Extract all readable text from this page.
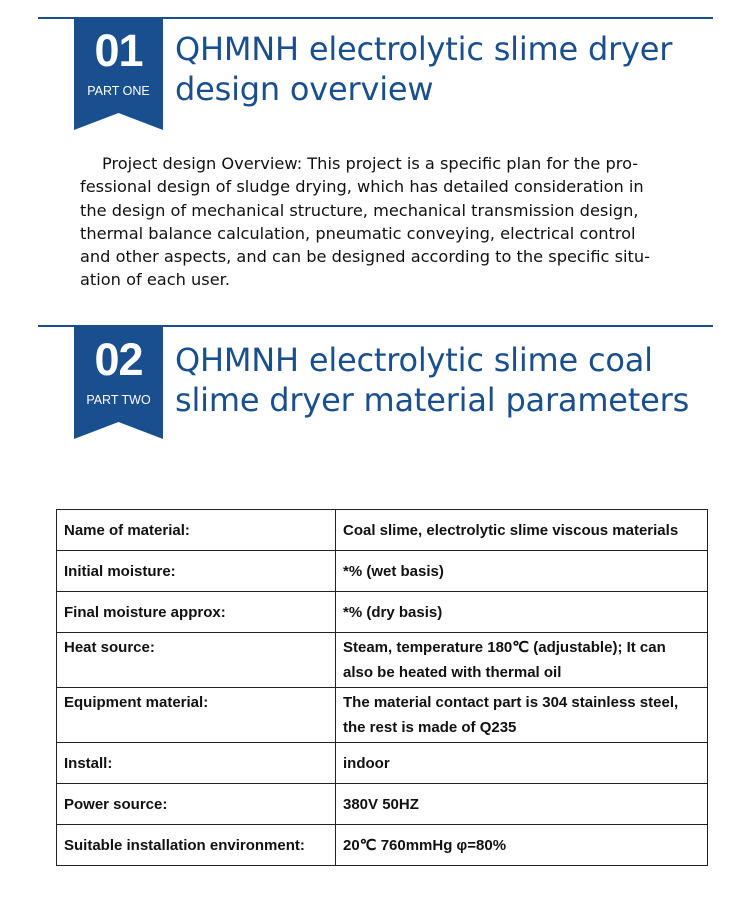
01
PART ONE
QHMNH electrolytic slime dryer
design overview

Project design Overview: This project is a specific plan for the pro-
fessional design of sludge drying, which has detailed consideration in
the design of mechanical structure, mechanical transmission design,
thermal balance calculation, pneumatic conveying, electrical control
and other aspects, and can be designed according to the specific situ-
ation of each user.

02
PART TWO
QHMNH electrolytic slime coal
slime dryer material parameters
Name of material:	Coal slime, electrolytic slime viscous materials
Initial moisture:	*% (wet basis)
Final moisture approx:	*% (dry basis)
Heat source:	Steam, temperature 180℃ (adjustable); It can
also be heated with thermal oil
Equipment material:	The material contact part is 304 stainless steel,
the rest is made of Q235
Install:	indoor
Power source:	380V 50HZ
Suitable installation environment:	20℃ 760mmHg φ=80%
